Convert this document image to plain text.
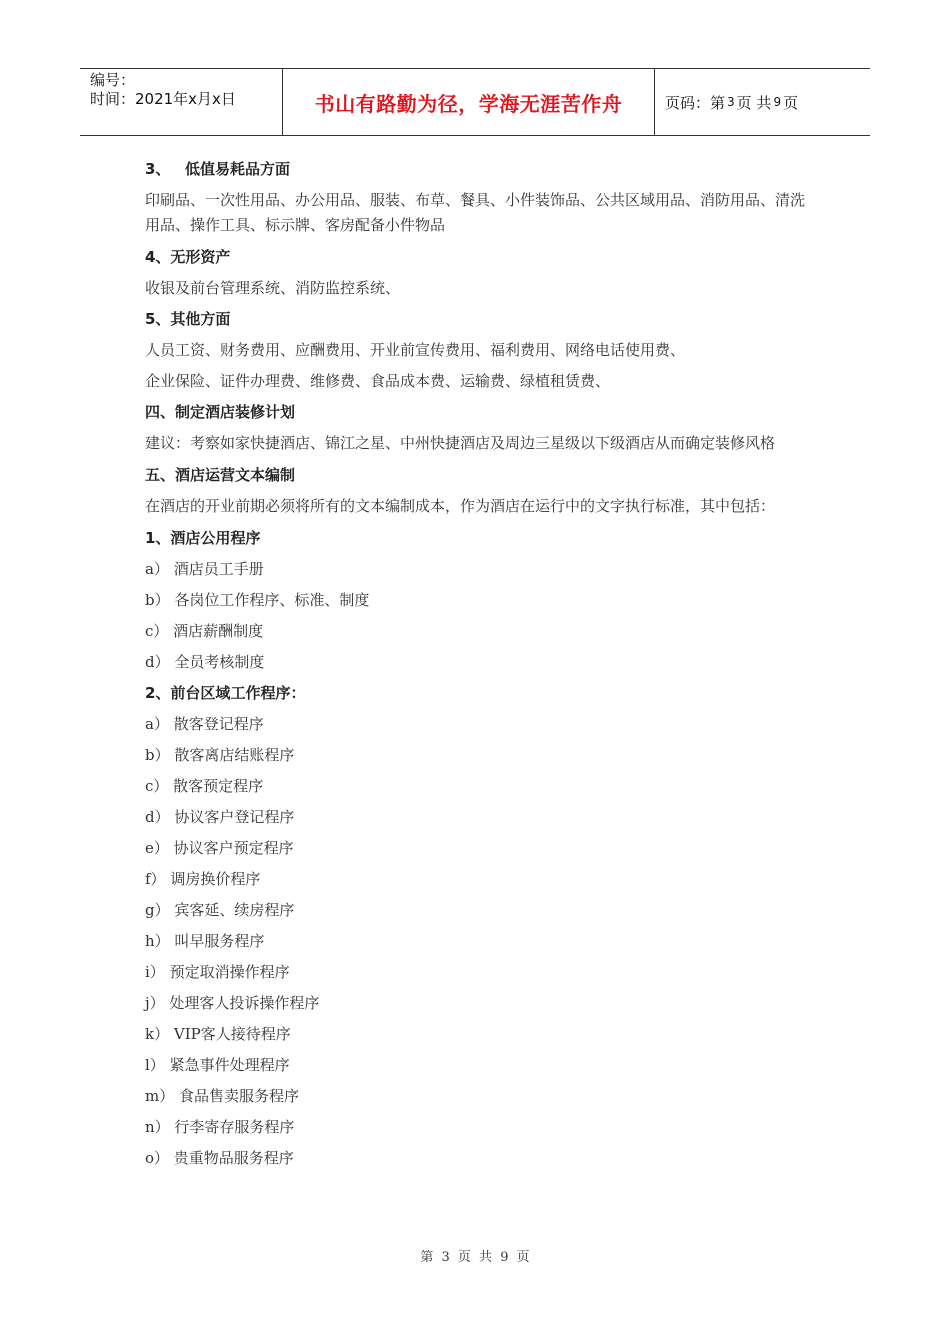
编号：
时间：2021年x月x日	书山有路勤为径，学海无涯苦作舟	页码：第 3 页 共 9 页
3、 低值易耗品方面
印刷品、一次性用品、办公用品、服装、布草、餐具、小件装饰品、公共区域用品、消防用品、清洗用品、操作工具、标示牌、客房配备小件物品
4、无形资产
收银及前台管理系统、消防监控系统、
5、其他方面
人员工资、财务费用、应酬费用、开业前宣传费用、福利费用、网络电话使用费、
企业保险、证件办理费、维修费、食品成本费、运输费、绿植租赁费、
四、制定酒店装修计划
建议：考察如家快捷酒店、锦江之星、中州快捷酒店及周边三星级以下级酒店从而确定装修风格
五、酒店运营文本编制
在酒店的开业前期必须将所有的文本编制成本，作为酒店在运行中的文字执行标准，其中包括：
1、酒店公用程序
a） 酒店员工手册
b） 各岗位工作程序、标准、制度
c） 酒店薪酬制度
d） 全员考核制度
2、前台区域工作程序：
a） 散客登记程序
b） 散客离店结账程序
c） 散客预定程序
d） 协议客户登记程序
e） 协议客户预定程序
f） 调房换价程序
g） 宾客延、续房程序
h） 叫早服务程序
i） 预定取消操作程序
j） 处理客人投诉操作程序
k） VIP客人接待程序
l） 紧急事件处理程序
m） 食品售卖服务程序
n） 行李寄存服务程序
o） 贵重物品服务程序
第 3 页 共 9 页
